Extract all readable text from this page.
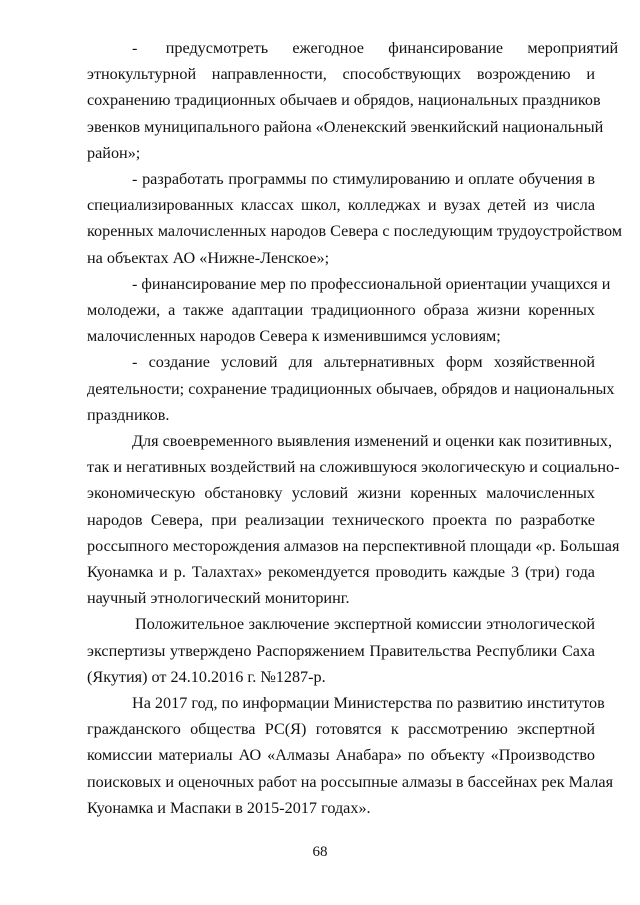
-       предусмотреть      ежегодное      финансирование      мероприятий
этнокультурной направленности, способствующих возрождению и
сохранению традиционных обычаев и обрядов, национальных праздников
эвенков муниципального района «Оленекский эвенкийский национальный
район»;

- разработать программы по стимулированию и оплате обучения в
специализированных классах школ, колледжах и вузах детей из числа
коренных малочисленных народов Севера с последующим трудоустройством
на объектах АО «Нижне-Ленское»;

- финансирование мер по профессиональной ориентации учащихся и
молодежи, а также адаптации традиционного образа жизни коренных
малочисленных народов Севера к изменившимся условиям;

- создание условий для альтернативных форм хозяйственной
деятельности; сохранение традиционных обычаев, обрядов и национальных
праздников.

Для своевременного выявления изменений и оценки как позитивных,
так и негативных воздействий на сложившуюся экологическую и социально-
экономическую обстановку условий жизни коренных малочисленных
народов Севера, при реализации технического проекта по разработке
россыпного месторождения алмазов на перспективной площади «р. Большая
Куонамка и р. Талахтах» рекомендуется проводить каждые 3 (три) года
научный этнологический мониторинг.

Положительное заключение экспертной комиссии этнологической
экспертизы утверждено Распоряжением Правительства Республики Саха
(Якутия) от 24.10.2016 г. №1287-р.

На 2017 год, по информации Министерства по развитию институтов
гражданского общества РС(Я) готовятся к рассмотрению экспертной
комиссии материалы АО «Алмазы Анабара» по объекту «Производство
поисковых и оценочных работ на россыпные алмазы в бассейнах рек Малая
Куонамка и Маспаки в 2015-2017 годах».

68
